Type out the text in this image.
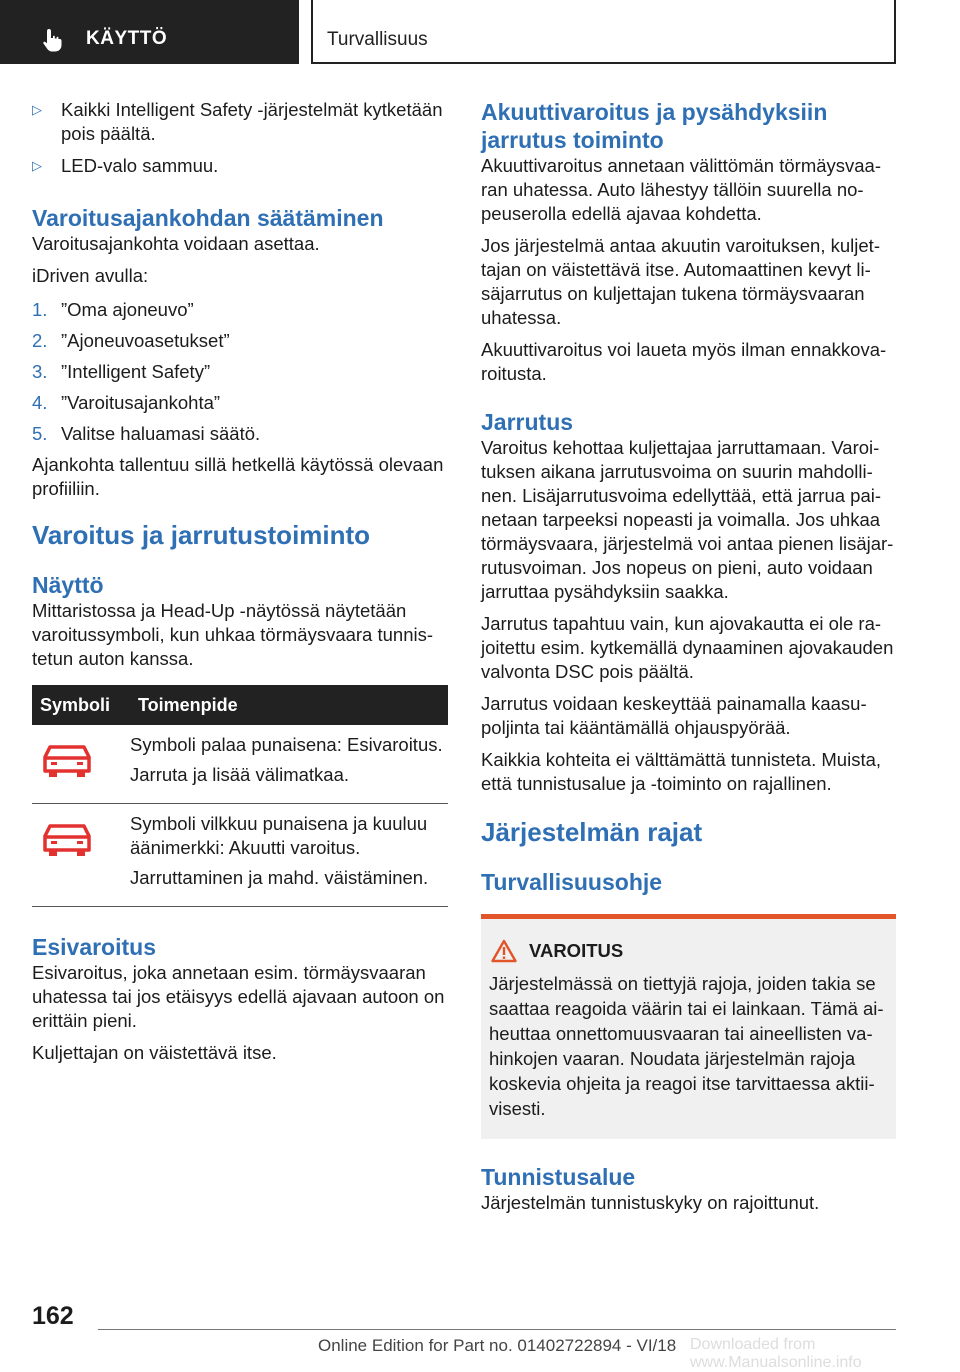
KÄYTTÖ	Turvallisuus
▷ Kaikki Intelligent Safety -järjestelmät kytketään pois päältä.
▷ LED-valo sammuu.
Varoitusajankohdan säätäminen

Varoitusajankohta voidaan asettaa.

iDriven avulla:

1. ”Oma ajoneuvo”
2. ”Ajoneuvoasetukset”
3. ”Intelligent Safety”
4. ”Varoitusajankohta”
5. Valitse haluamasi säätö.

Ajankohta tallentuu sillä hetkellä käytössä olevaan profiiliin.

Varoitus ja jarrutustoiminto
Näyttö

Mittaristossa ja Head-Up -näytössä näytetään varoitussymboli, kun uhkaa törmäysvaara tunnistetun auton kanssa.

Symboli	Toimenpide

Symboli palaa punaisena: Esivaroitus.

Jarruta ja lisää välimatkaa.

Symboli vilkkuu punaisena ja kuuluu äänimerkki: Akuutti varoitus.

Jarruttaminen ja mahd. väistäminen.

Esivaroitus

Esivaroitus, joka annetaan esim. törmäysvaaran uhatessa tai jos etäisyys edellä ajavaan autoon on erittäin pieni.

Kuljettajan on väistettävä itse.

Akuuttivaroitus ja pysähdyksiin jarrutus toiminto

Akuuttivaroitus annetaan välittömän törmäysvaaran uhatessa. Auto lähestyy tällöin suurella nopeuserolla edellä ajavaa kohdetta.

Jos järjestelmä antaa akuutin varoituksen, kuljettajan on väistettävä itse. Automaattinen kevyt lisäjarrutus on kuljettajan tukena törmäysvaaran uhatessa.

Akuuttivaroitus voi laueta myös ilman ennakkovaroitusta.

Jarrutus

Varoitus kehottaa kuljettajaa jarruttamaan. Varoituksen aikana jarrutusvoima on suurin mahdollinen. Lisäjarrutusvoima edellyttää, että jarrua painetaan tarpeeksi nopeasti ja voimalla. Jos uhkaa törmäysvaara, järjestelmä voi antaa pienen lisäjarrutusvoiman. Jos nopeus on pieni, auto voidaan jarruttaa pysähdyksiin saakka.

Jarrutus tapahtuu vain, kun ajovakautta ei ole rajoitettu esim. kytkemällä dynaaminen ajovakauden valvonta DSC pois päältä.

Jarrutus voidaan keskeyttää painamalla kaasupoljinta tai kääntämällä ohjauspyörää.

Kaikkia kohteita ei välttämättä tunnisteta. Muista, että tunnistusalue ja -toiminto on rajallinen.

Järjestelmän rajat
Turvallisuusohje
VAROITUS

Järjestelmässä on tiettyjä rajoja, joiden takia se saattaa reagoida väärin tai ei lainkaan. Tämä aiheuttaa onnettomuusvaaran tai aineellisten vahinkojen vaaran. Noudata järjestelmän rajoja koskevia ohjeita ja reagoi itse tarvittaessa aktiivisesti.

Tunnistusalue

Järjestelmän tunnistuskyky on rajoittunut.

162
Online Edition for Part no. 01402722894 - VI/18 Downloaded from www.Manualsonline.info
